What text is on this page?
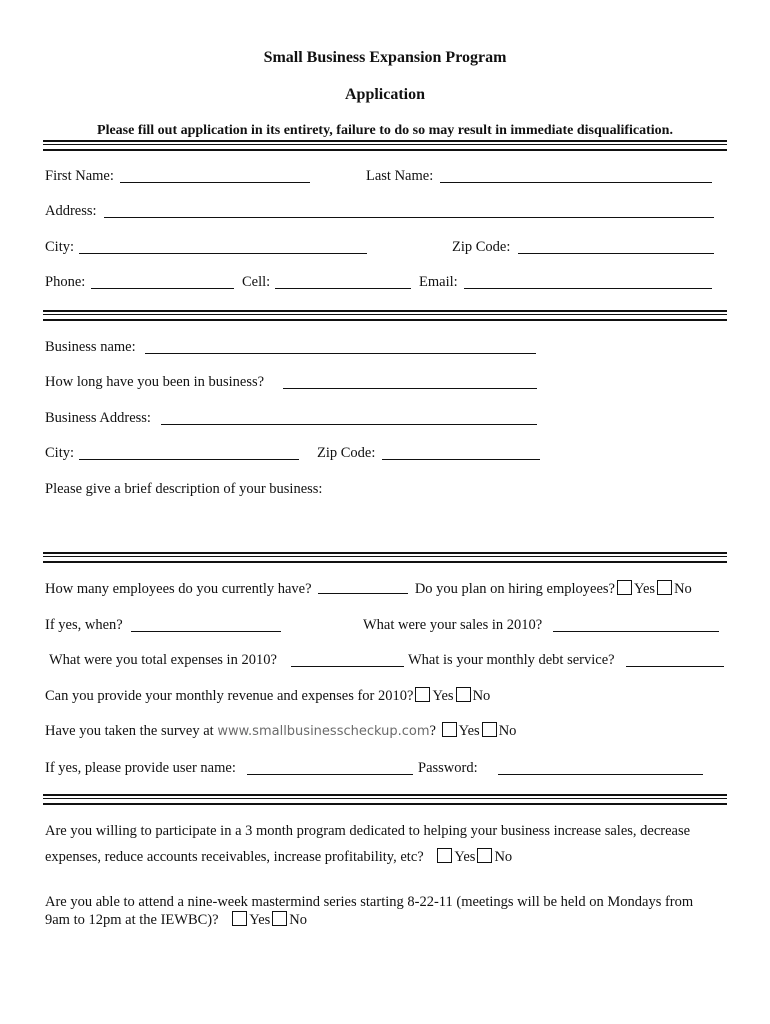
Small Business Expansion Program
Application
Please fill out application in its entirety, failure to do so may result in immediate disqualification.
First Name:	Last Name:
Address:
City:	Zip Code:
Phone:	Cell:	Email:
Business name:
How long have you been in business?
Business Address:
City:	Zip Code:
Please give a brief description of your business:
How many employees do you currently have?	Do you plan on hiring employees? Yes No
If yes, when?	What were your sales in 2010?
What were you total expenses in 2010?	What is your monthly debt service?
Can you provide your monthly revenue and expenses for 2010? Yes No
Have you taken the survey at www.smallbusinesscheckup.com? Yes No
If yes, please provide user name:	Password:
Are you willing to participate in a 3 month program dedicated to helping your business increase sales, decrease
expenses, reduce accounts receivables, increase profitability, etc? Yes No
Are you able to attend a nine-week mastermind series starting 8-22-11 (meetings will be held on Mondays from
9am to 12pm at the IEWBC)? Yes No
